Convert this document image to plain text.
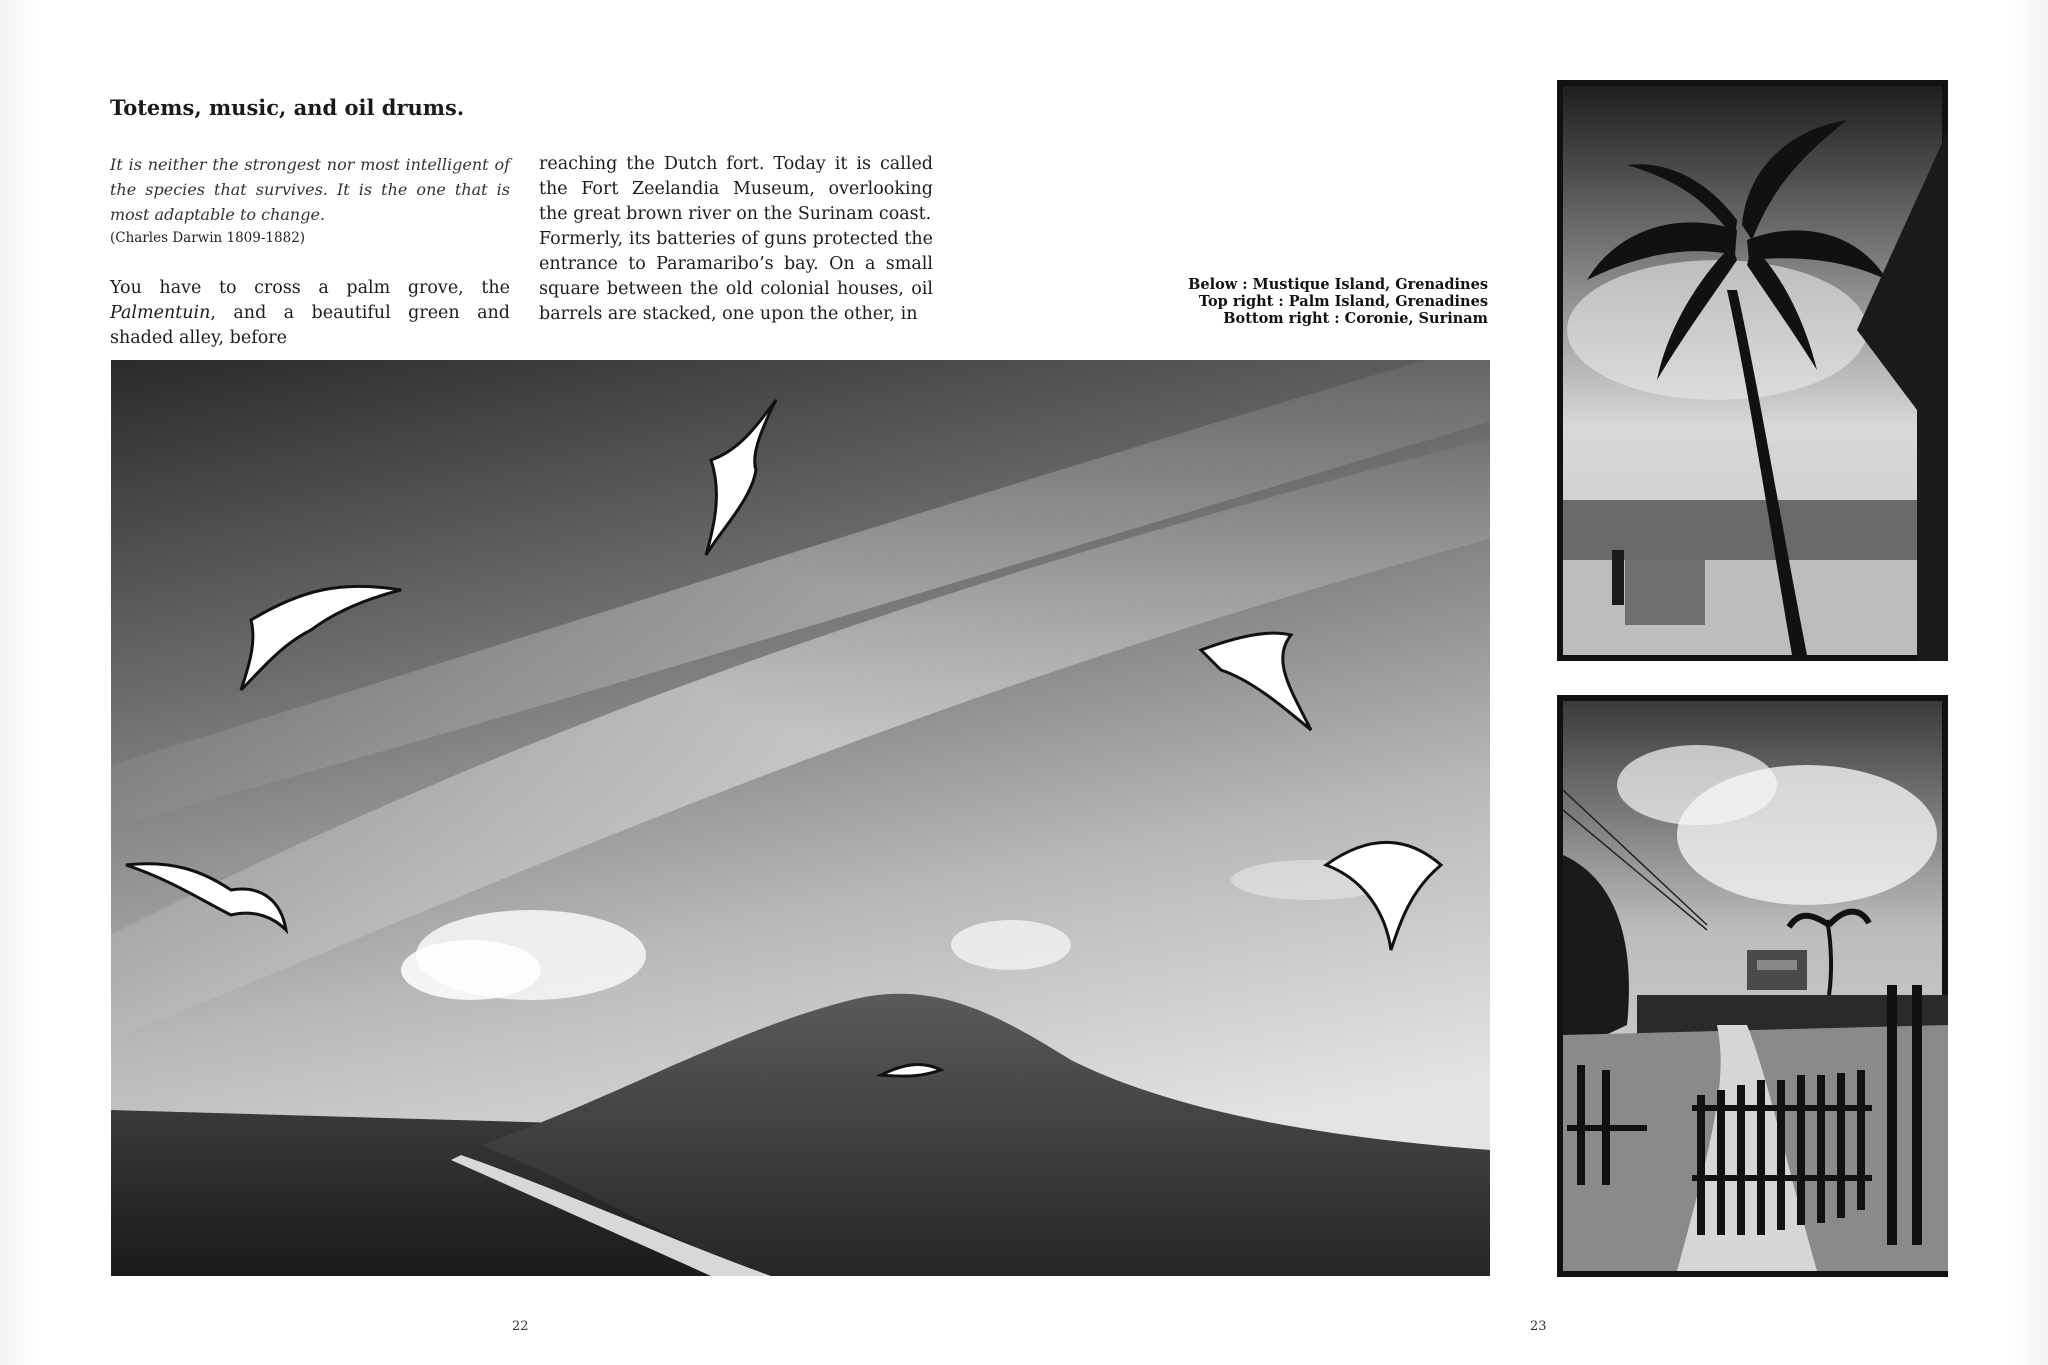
Totems, music, and oil drums.
It is neither the strongest nor most intelligent of the species that survives. It is the one that is most adaptable to change.
(Charles Darwin 1809-1882)
You have to cross a palm grove, the Palmentuin, and a beautiful green and shaded alley, before

reaching the Dutch fort. Today it is called the Fort Zeelandia Museum, overlooking the great brown river on the Surinam coast.

Formerly, its batteries of guns protected the entrance to Paramaribo’s bay. On a small square between the old colonial houses, oil barrels are stacked, one upon the other, in

Below : Mustique Island, Grenadines
Top right : Palm Island, Grenadines
Bottom right : Coronie, Surinam
22	23
